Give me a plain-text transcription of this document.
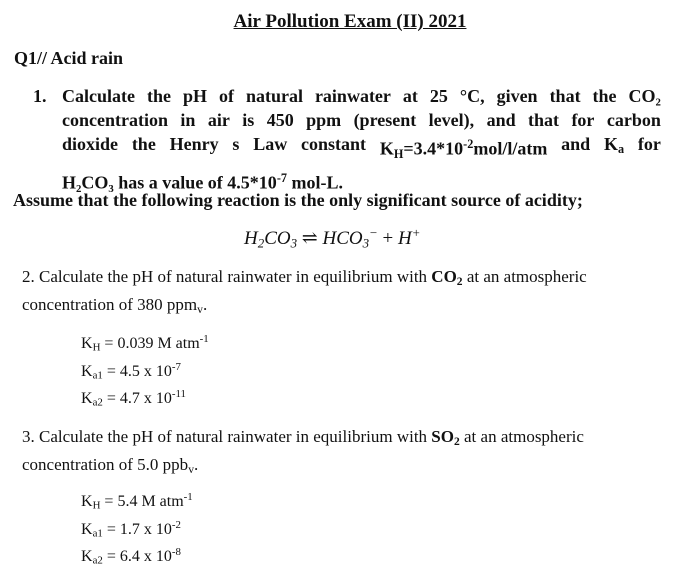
Air Pollution Exam (II) 2021
Q1// Acid rain
1. Calculate the pH of natural rainwater at 25 °C, given that the CO₂
concentration in air is 450 ppm (present level), and that for carbon
dioxide the Henry s Law constant $K_H=3.4*10^{-2}mol/l$/atm and $K_a$ for
H₂CO₃ has a value of $4.5*10^{-7}$ mol-L.
Assume that the following reaction is the only significant source of acidity;
$H_2CO_3$ ⇌ $HCO_3^- + H^+$
2. Calculate the pH of natural rainwater in equilibrium with $CO_2$ at an atmospheric
concentration of 380 ppm$_v$.
$K_H = 0.039$ M atm$^{-1}$
$K_{a1} = 4.5$ x $10^{-7}$
$K_{a2} = 4.7$ x $10^{-11}$
3. Calculate the pH of natural rainwater in equilibrium with $SO_2$ at an atmospheric
concentration of 5.0 ppb$_v$.
$K_H = 5.4$ M atm$^{-1}$
$K_{a1} = 1.7$ x $10^{-2}$
$K_{a2} = 6.4$ x $10^{-8}$
